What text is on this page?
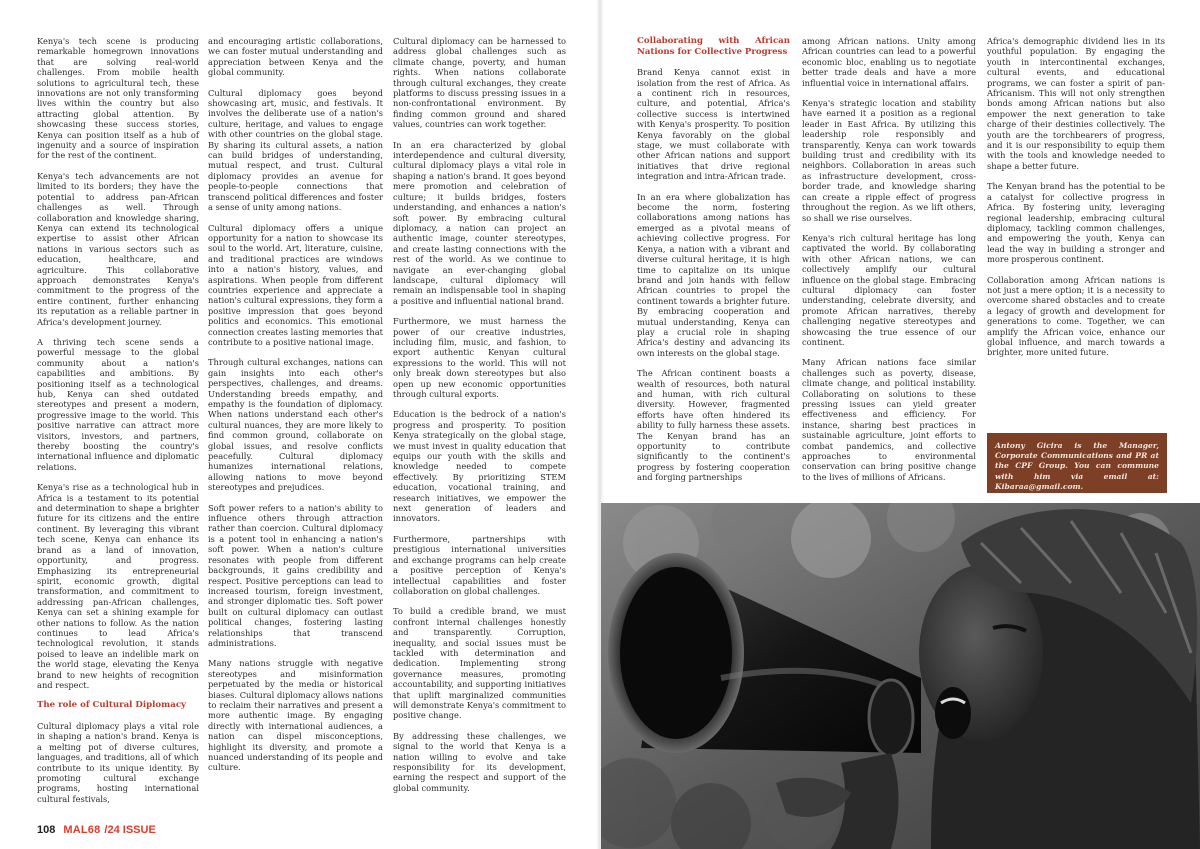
Kenya's tech scene is producing remarkable homegrown innovations that are solving real-world challenges. From mobile health solutions to agricultural tech, these innovations are not only transforming lives within the country but also attracting global attention. By showcasing these success stories, Kenya can position itself as a hub of ingenuity and a source of inspiration for the rest of the continent.

Kenya's tech advancements are not limited to its borders; they have the potential to address pan-African challenges as well. Through collaboration and knowledge sharing, Kenya can extend its technological expertise to assist other African nations in various sectors such as education, healthcare, and agriculture. This collaborative approach demonstrates Kenya's commitment to the progress of the entire continent, further enhancing its reputation as a reliable partner in Africa's development journey.

A thriving tech scene sends a powerful message to the global community about a nation's capabilities and ambitions. By positioning itself as a technological hub, Kenya can shed outdated stereotypes and present a modern, progressive image to the world. This positive narrative can attract more visitors, investors, and partners, thereby boosting the country's international influence and diplomatic relations.

Kenya's rise as a technological hub in Africa is a testament to its potential and determination to shape a brighter future for its citizens and the entire continent. By leveraging this vibrant tech scene, Kenya can enhance its brand as a land of innovation, opportunity, and progress. Emphasizing its entrepreneurial spirit, economic growth, digital transformation, and commitment to addressing pan-African challenges, Kenya can set a shining example for other nations to follow. As the nation continues to lead Africa's technological revolution, it stands poised to leave an indelible mark on the world stage, elevating the Kenya brand to new heights of recognition and respect.

The role of Cultural Diplomacy

Cultural diplomacy plays a vital role in shaping a nation's brand. Kenya is a melting pot of diverse cultures, languages, and traditions, all of which contribute to its unique identity. By promoting cultural exchange programs, hosting international cultural festivals,

and encouraging artistic collaborations, we can foster mutual understanding and appreciation between Kenya and the global community.

Cultural diplomacy goes beyond showcasing art, music, and festivals. It involves the deliberate use of a nation's culture, heritage, and values to engage with other countries on the global stage. By sharing its cultural assets, a nation can build bridges of understanding, mutual respect, and trust. Cultural diplomacy provides an avenue for people-to-people connections that transcend political differences and foster a sense of unity among nations.

Cultural diplomacy offers a unique opportunity for a nation to showcase its soul to the world. Art, literature, cuisine, and traditional practices are windows into a nation's history, values, and aspirations. When people from different countries experience and appreciate a nation's cultural expressions, they form a positive impression that goes beyond politics and economics. This emotional connection creates lasting memories that contribute to a positive national image.

Through cultural exchanges, nations can gain insights into each other's perspectives, challenges, and dreams. Understanding breeds empathy, and empathy is the foundation of diplomacy. When nations understand each other's cultural nuances, they are more likely to find common ground, collaborate on global issues, and resolve conflicts peacefully. Cultural diplomacy humanizes international relations, allowing nations to move beyond stereotypes and prejudices.

Soft power refers to a nation's ability to influence others through attraction rather than coercion. Cultural diplomacy is a potent tool in enhancing a nation's soft power. When a nation's culture resonates with people from different backgrounds, it gains credibility and respect. Positive perceptions can lead to increased tourism, foreign investment, and stronger diplomatic ties. Soft power built on cultural diplomacy can outlast political changes, fostering lasting relationships that transcend administrations.

Many nations struggle with negative stereotypes and misinformation perpetuated by the media or historical biases. Cultural diplomacy allows nations to reclaim their narratives and present a more authentic image. By engaging directly with international audiences, a nation can dispel misconceptions, highlight its diversity, and promote a nuanced understanding of its people and culture.

Cultural diplomacy can be harnessed to address global challenges such as climate change, poverty, and human rights. When nations collaborate through cultural exchanges, they create platforms to discuss pressing issues in a non-confrontational environment. By finding common ground and shared values, countries can work together.

In an era characterized by global interdependence and cultural diversity, cultural diplomacy plays a vital role in shaping a nation's brand. It goes beyond mere promotion and celebration of culture; it builds bridges, fosters understanding, and enhances a nation's soft power. By embracing cultural diplomacy, a nation can project an authentic image, counter stereotypes, and create lasting connections with the rest of the world. As we continue to navigate an ever-changing global landscape, cultural diplomacy will remain an indispensable tool in shaping a positive and influential national brand.

Furthermore, we must harness the power of our creative industries, including film, music, and fashion, to export authentic Kenyan cultural expressions to the world. This will not only break down stereotypes but also open up new economic opportunities through cultural exports.

Education is the bedrock of a nation's progress and prosperity. To position Kenya strategically on the global stage, we must invest in quality education that equips our youth with the skills and knowledge needed to compete effectively. By prioritizing STEM education, vocational training, and research initiatives, we empower the next generation of leaders and innovators.

Furthermore, partnerships with prestigious international universities and exchange programs can help create a positive perception of Kenya's intellectual capabilities and foster collaboration on global challenges.

To build a credible brand, we must confront internal challenges honestly and transparently. Corruption, inequality, and social issues must be tackled with determination and dedication. Implementing strong governance measures, promoting accountability, and supporting initiatives that uplift marginalized communities will demonstrate Kenya's commitment to positive change.

By addressing these challenges, we signal to the world that Kenya is a nation willing to evolve and take responsibility for its development, earning the respect and support of the global community.

108 MAL68 /24 ISSUE
Collaborating with African Nations for Collective Progress

Brand Kenya cannot exist in isolation from the rest of Africa. As a continent rich in resources, culture, and potential, Africa's collective success is intertwined with Kenya's prosperity. To position Kenya favorably on the global stage, we must collaborate with other African nations and support initiatives that drive regional integration and intra-African trade.

In an era where globalization has become the norm, fostering collaborations among nations has emerged as a pivotal means of achieving collective progress. For Kenya, a nation with a vibrant and diverse cultural heritage, it is high time to capitalize on its unique brand and join hands with fellow African countries to propel the continent towards a brighter future. By embracing cooperation and mutual understanding, Kenya can play a crucial role in shaping Africa's destiny and advancing its own interests on the global stage.

The African continent boasts a wealth of resources, both natural and human, with rich cultural diversity. However, fragmented efforts have often hindered its ability to fully harness these assets. The Kenyan brand has an opportunity to contribute significantly to the continent's progress by fostering cooperation and forging partnerships

among African nations. Unity among African countries can lead to a powerful economic bloc, enabling us to negotiate better trade deals and have a more influential voice in international affairs.

Kenya's strategic location and stability have earned it a position as a regional leader in East Africa. By utilizing this leadership role responsibly and transparently, Kenya can work towards building trust and credibility with its neighbors. Collaboration in areas such as infrastructure development, cross-border trade, and knowledge sharing can create a ripple effect of progress throughout the region. As we lift others, so shall we rise ourselves.

Kenya's rich cultural heritage has long captivated the world. By collaborating with other African nations, we can collectively amplify our cultural influence on the global stage. Embracing cultural diplomacy can foster understanding, celebrate diversity, and promote African narratives, thereby challenging negative stereotypes and showcasing the true essence of our continent.

Many African nations face similar challenges such as poverty, disease, climate change, and political instability. Collaborating on solutions to these pressing issues can yield greater effectiveness and efficiency. For instance, sharing best practices in sustainable agriculture, joint efforts to combat pandemics, and collective approaches to environmental conservation can bring positive change to the lives of millions of Africans.

Africa's demographic dividend lies in its youthful population. By engaging the youth in intercontinental exchanges, cultural events, and educational programs, we can foster a spirit of pan-Africanism. This will not only strengthen bonds among African nations but also empower the next generation to take charge of their destinies collectively. The youth are the torchbearers of progress, and it is our responsibility to equip them with the tools and knowledge needed to shape a better future.

The Kenyan brand has the potential to be a catalyst for collective progress in Africa. By fostering unity, leveraging regional leadership, embracing cultural diplomacy, tackling common challenges, and empowering the youth, Kenya can lead the way in building a stronger and more prosperous continent.

Collaboration among African nations is not just a mere option; it is a necessity to overcome shared obstacles and to create a legacy of growth and development for generations to come. Together, we can amplify the African voice, enhance our global influence, and march towards a brighter, more united future.

Antony Gicira is the Manager, Corporate Communications and PR at the CPF Group. You can commune with him via email at: Kibaraa@gmail.com.
